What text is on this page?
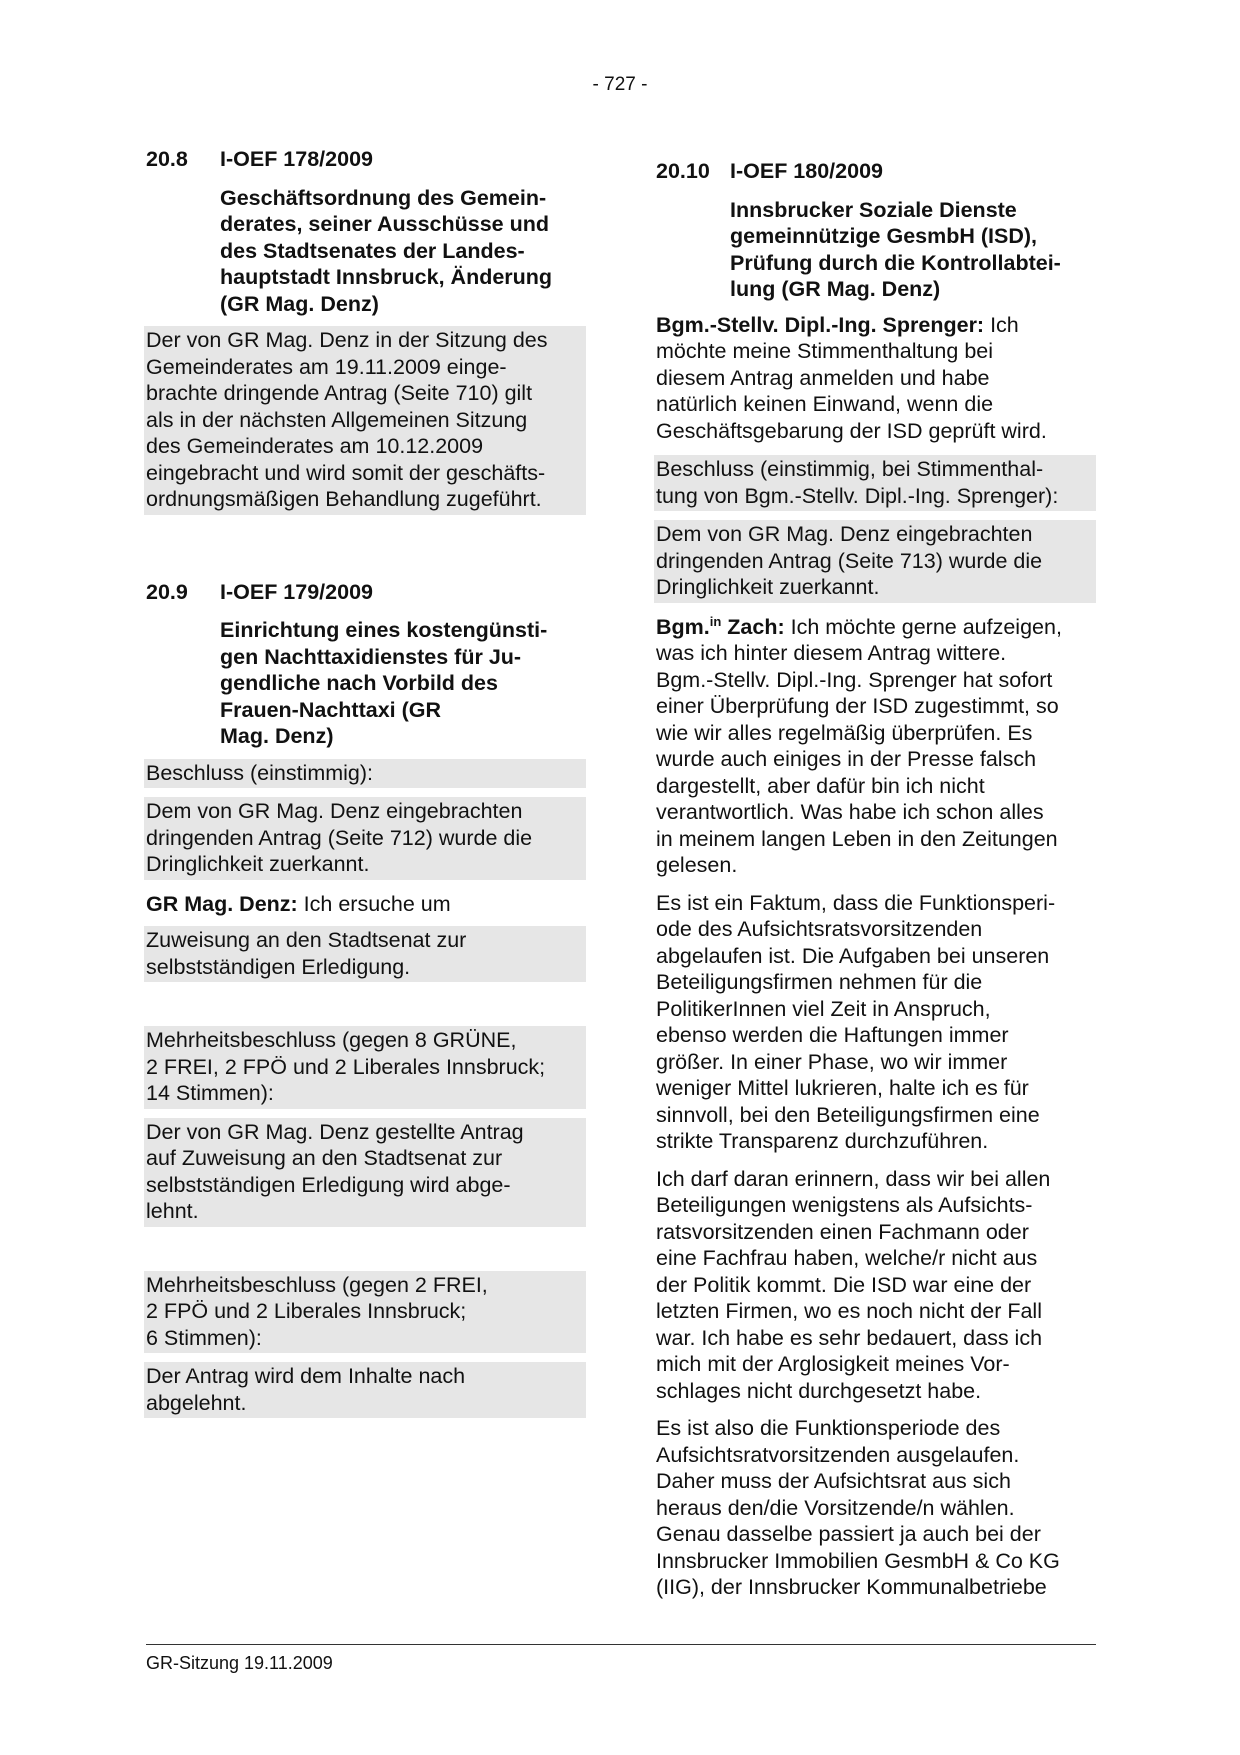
- 727 -
20.8	I-OEF 178/2009
Geschäftsordnung des Gemein-
derates, seiner Ausschüsse und
des Stadtsenates der Landes-
hauptstadt Innsbruck, Änderung
(GR Mag. Denz)
Der von GR Mag. Denz in der Sitzung des
Gemeinderates am 19.11.2009 einge-
brachte dringende Antrag (Seite 710) gilt
als in der nächsten Allgemeinen Sitzung
des Gemeinderates am 10.12.2009
eingebracht und wird somit der geschäfts-
ordnungsmäßigen Behandlung zugeführt.
20.9	I-OEF 179/2009
Einrichtung eines kostengünsti-
gen Nachttaxidienstes für Ju-
gendliche nach Vorbild des
Frauen-Nachttaxi (GR
Mag. Denz)
Beschluss (einstimmig):
Dem von GR Mag. Denz eingebrachten
dringenden Antrag (Seite 712) wurde die
Dringlichkeit zuerkannt.
GR Mag. Denz: Ich ersuche um
Zuweisung an den Stadtsenat zur
selbstständigen Erledigung.
Mehrheitsbeschluss (gegen 8 GRÜNE,
2 FREI, 2 FPÖ und 2 Liberales Innsbruck;
14 Stimmen):
Der von GR Mag. Denz gestellte Antrag
auf Zuweisung an den Stadtsenat zur
selbstständigen Erledigung wird abge-
lehnt.
Mehrheitsbeschluss (gegen 2 FREI,
2 FPÖ und 2 Liberales Innsbruck;
6 Stimmen):
Der Antrag wird dem Inhalte nach
abgelehnt.
20.10 I-OEF 180/2009
Innsbrucker Soziale Dienste
gemeinnützige GesmbH (ISD),
Prüfung durch die Kontrollabtei-
lung (GR Mag. Denz)
Bgm.-Stellv. Dipl.-Ing. Sprenger: Ich
möchte meine Stimmenthaltung bei
diesem Antrag anmelden und habe
natürlich keinen Einwand, wenn die
Geschäftsgebarung der ISD geprüft wird.
Beschluss (einstimmig, bei Stimmenthal-
tung von Bgm.-Stellv. Dipl.-Ing. Sprenger):
Dem von GR Mag. Denz eingebrachten
dringenden Antrag (Seite 713) wurde die
Dringlichkeit zuerkannt.
Bgm.$^{in}$ Zach: Ich möchte gerne aufzeigen,
was ich hinter diesem Antrag wittere.
Bgm.-Stellv. Dipl.-Ing. Sprenger hat sofort
einer Überprüfung der ISD zugestimmt, so
wie wir alles regelmäßig überprüfen. Es
wurde auch einiges in der Presse falsch
dargestellt, aber dafür bin ich nicht
verantwortlich. Was habe ich schon alles
in meinem langen Leben in den Zeitungen
gelesen.
Es ist ein Faktum, dass die Funktionsperi-
ode des Aufsichtsratsvorsitzenden
abgelaufen ist. Die Aufgaben bei unseren
Beteiligungsfirmen nehmen für die
PolitikerInnen viel Zeit in Anspruch,
ebenso werden die Haftungen immer
größer. In einer Phase, wo wir immer
weniger Mittel lukrieren, halte ich es für
sinnvoll, bei den Beteiligungsfirmen eine
strikte Transparenz durchzuführen.
Ich darf daran erinnern, dass wir bei allen
Beteiligungen wenigstens als Aufsichts-
ratsvorsitzenden einen Fachmann oder
eine Fachfrau haben, welche/r nicht aus
der Politik kommt. Die ISD war eine der
letzten Firmen, wo es noch nicht der Fall
war. Ich habe es sehr bedauert, dass ich
mich mit der Arglosigkeit meines Vor-
schlages nicht durchgesetzt habe.
Es ist also die Funktionsperiode des
Aufsichtsratvorsitzenden ausgelaufen.
Daher muss der Aufsichtsrat aus sich
heraus den/die Vorsitzende/n wählen.
Genau dasselbe passiert ja auch bei der
Innsbrucker Immobilien GesmbH & Co KG
(IIG), der Innsbrucker Kommunalbetriebe
GR-Sitzung 19.11.2009
